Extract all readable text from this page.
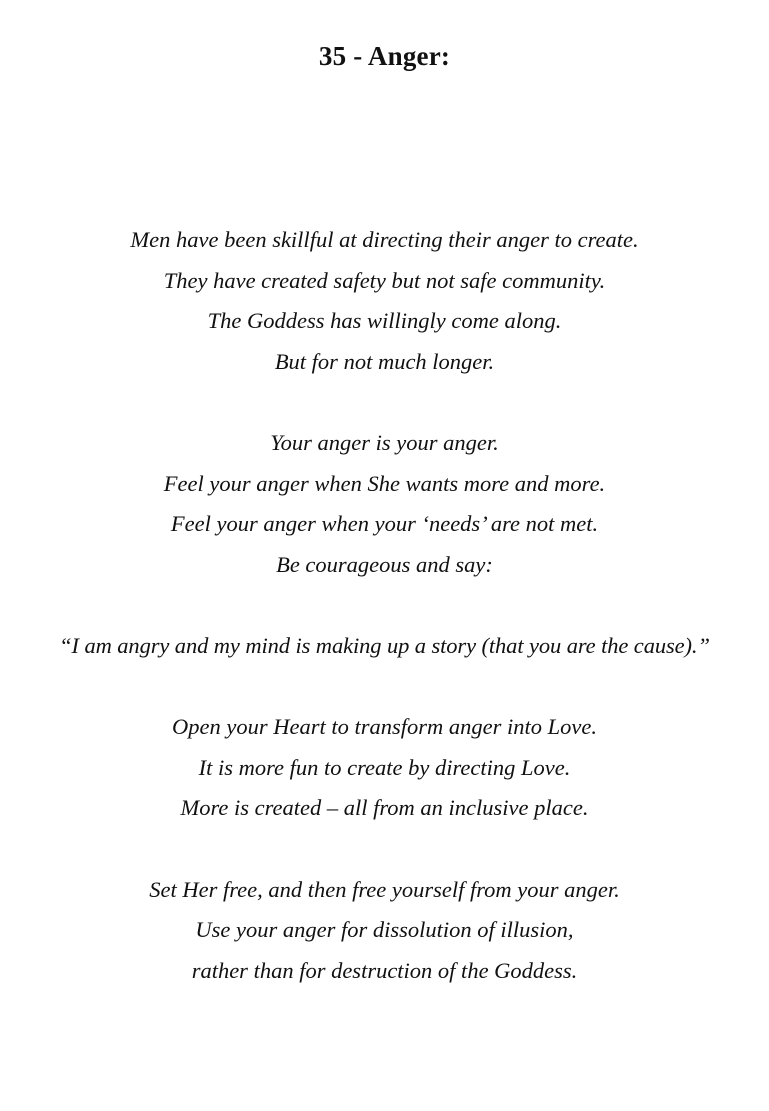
35 - Anger:
Men have been skillful at directing their anger to create.
They have created safety but not safe community.
The Goddess has willingly come along.
But for not much longer.
Your anger is your anger.
Feel your anger when She wants more and more.
Feel your anger when your ‘needs’ are not met.
Be courageous and say:
“I am angry and my mind is making up a story (that you are the cause).”
Open your Heart to transform anger into Love.
It is more fun to create by directing Love.
More is created – all from an inclusive place.
Set Her free, and then free yourself from your anger.
Use your anger for dissolution of illusion,
rather than for destruction of the Goddess.
